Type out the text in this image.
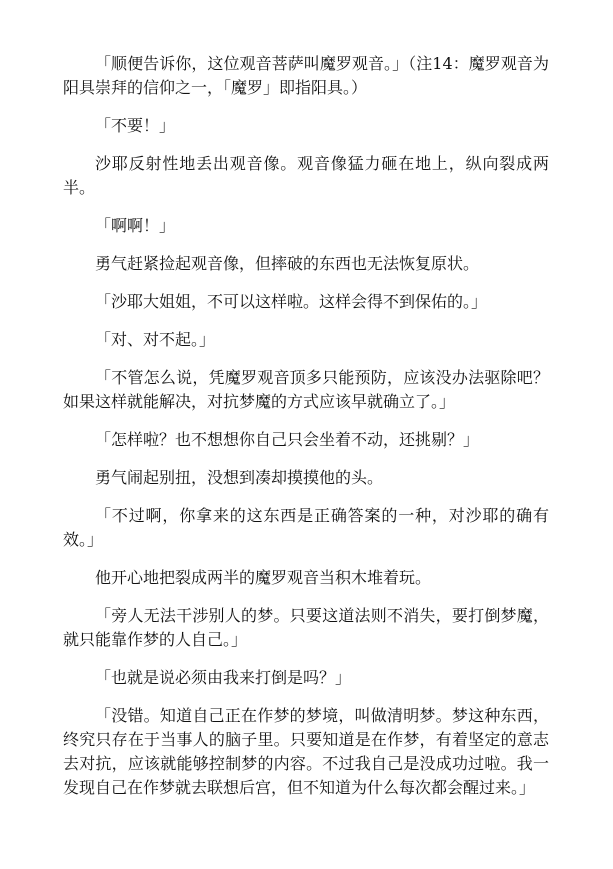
「顺便告诉你，这位观音菩萨叫魔罗观音。」（注14：魔罗观音为阳具崇拜的信仰之一，「魔罗」即指阳具。）

「不要！」

沙耶反射性地丢出观音像。观音像猛力砸在地上，纵向裂成两半。

「啊啊！」

勇气赶紧捡起观音像，但摔破的东西也无法恢复原状。

「沙耶大姐姐，不可以这样啦。这样会得不到保佑的。」

「对、对不起。」

「不管怎么说，凭魔罗观音顶多只能预防，应该没办法驱除吧？如果这样就能解决，对抗梦魔的方式应该早就确立了。」

「怎样啦？也不想想你自己只会坐着不动，还挑剔？」

勇气闹起别扭，没想到凑却摸摸他的头。

「不过啊，你拿来的这东西是正确答案的一种，对沙耶的确有效。」

他开心地把裂成两半的魔罗观音当积木堆着玩。

「旁人无法干涉别人的梦。只要这道法则不消失，要打倒梦魔，就只能靠作梦的人自己。」

「也就是说必须由我来打倒是吗？」

「没错。知道自己正在作梦的梦境，叫做清明梦。梦这种东西，终究只存在于当事人的脑子里。只要知道是在作梦，有着坚定的意志去对抗，应该就能够控制梦的内容。不过我自己是没成功过啦。我一发现自己在作梦就去联想后宫，但不知道为什么每次都会醒过来。」
